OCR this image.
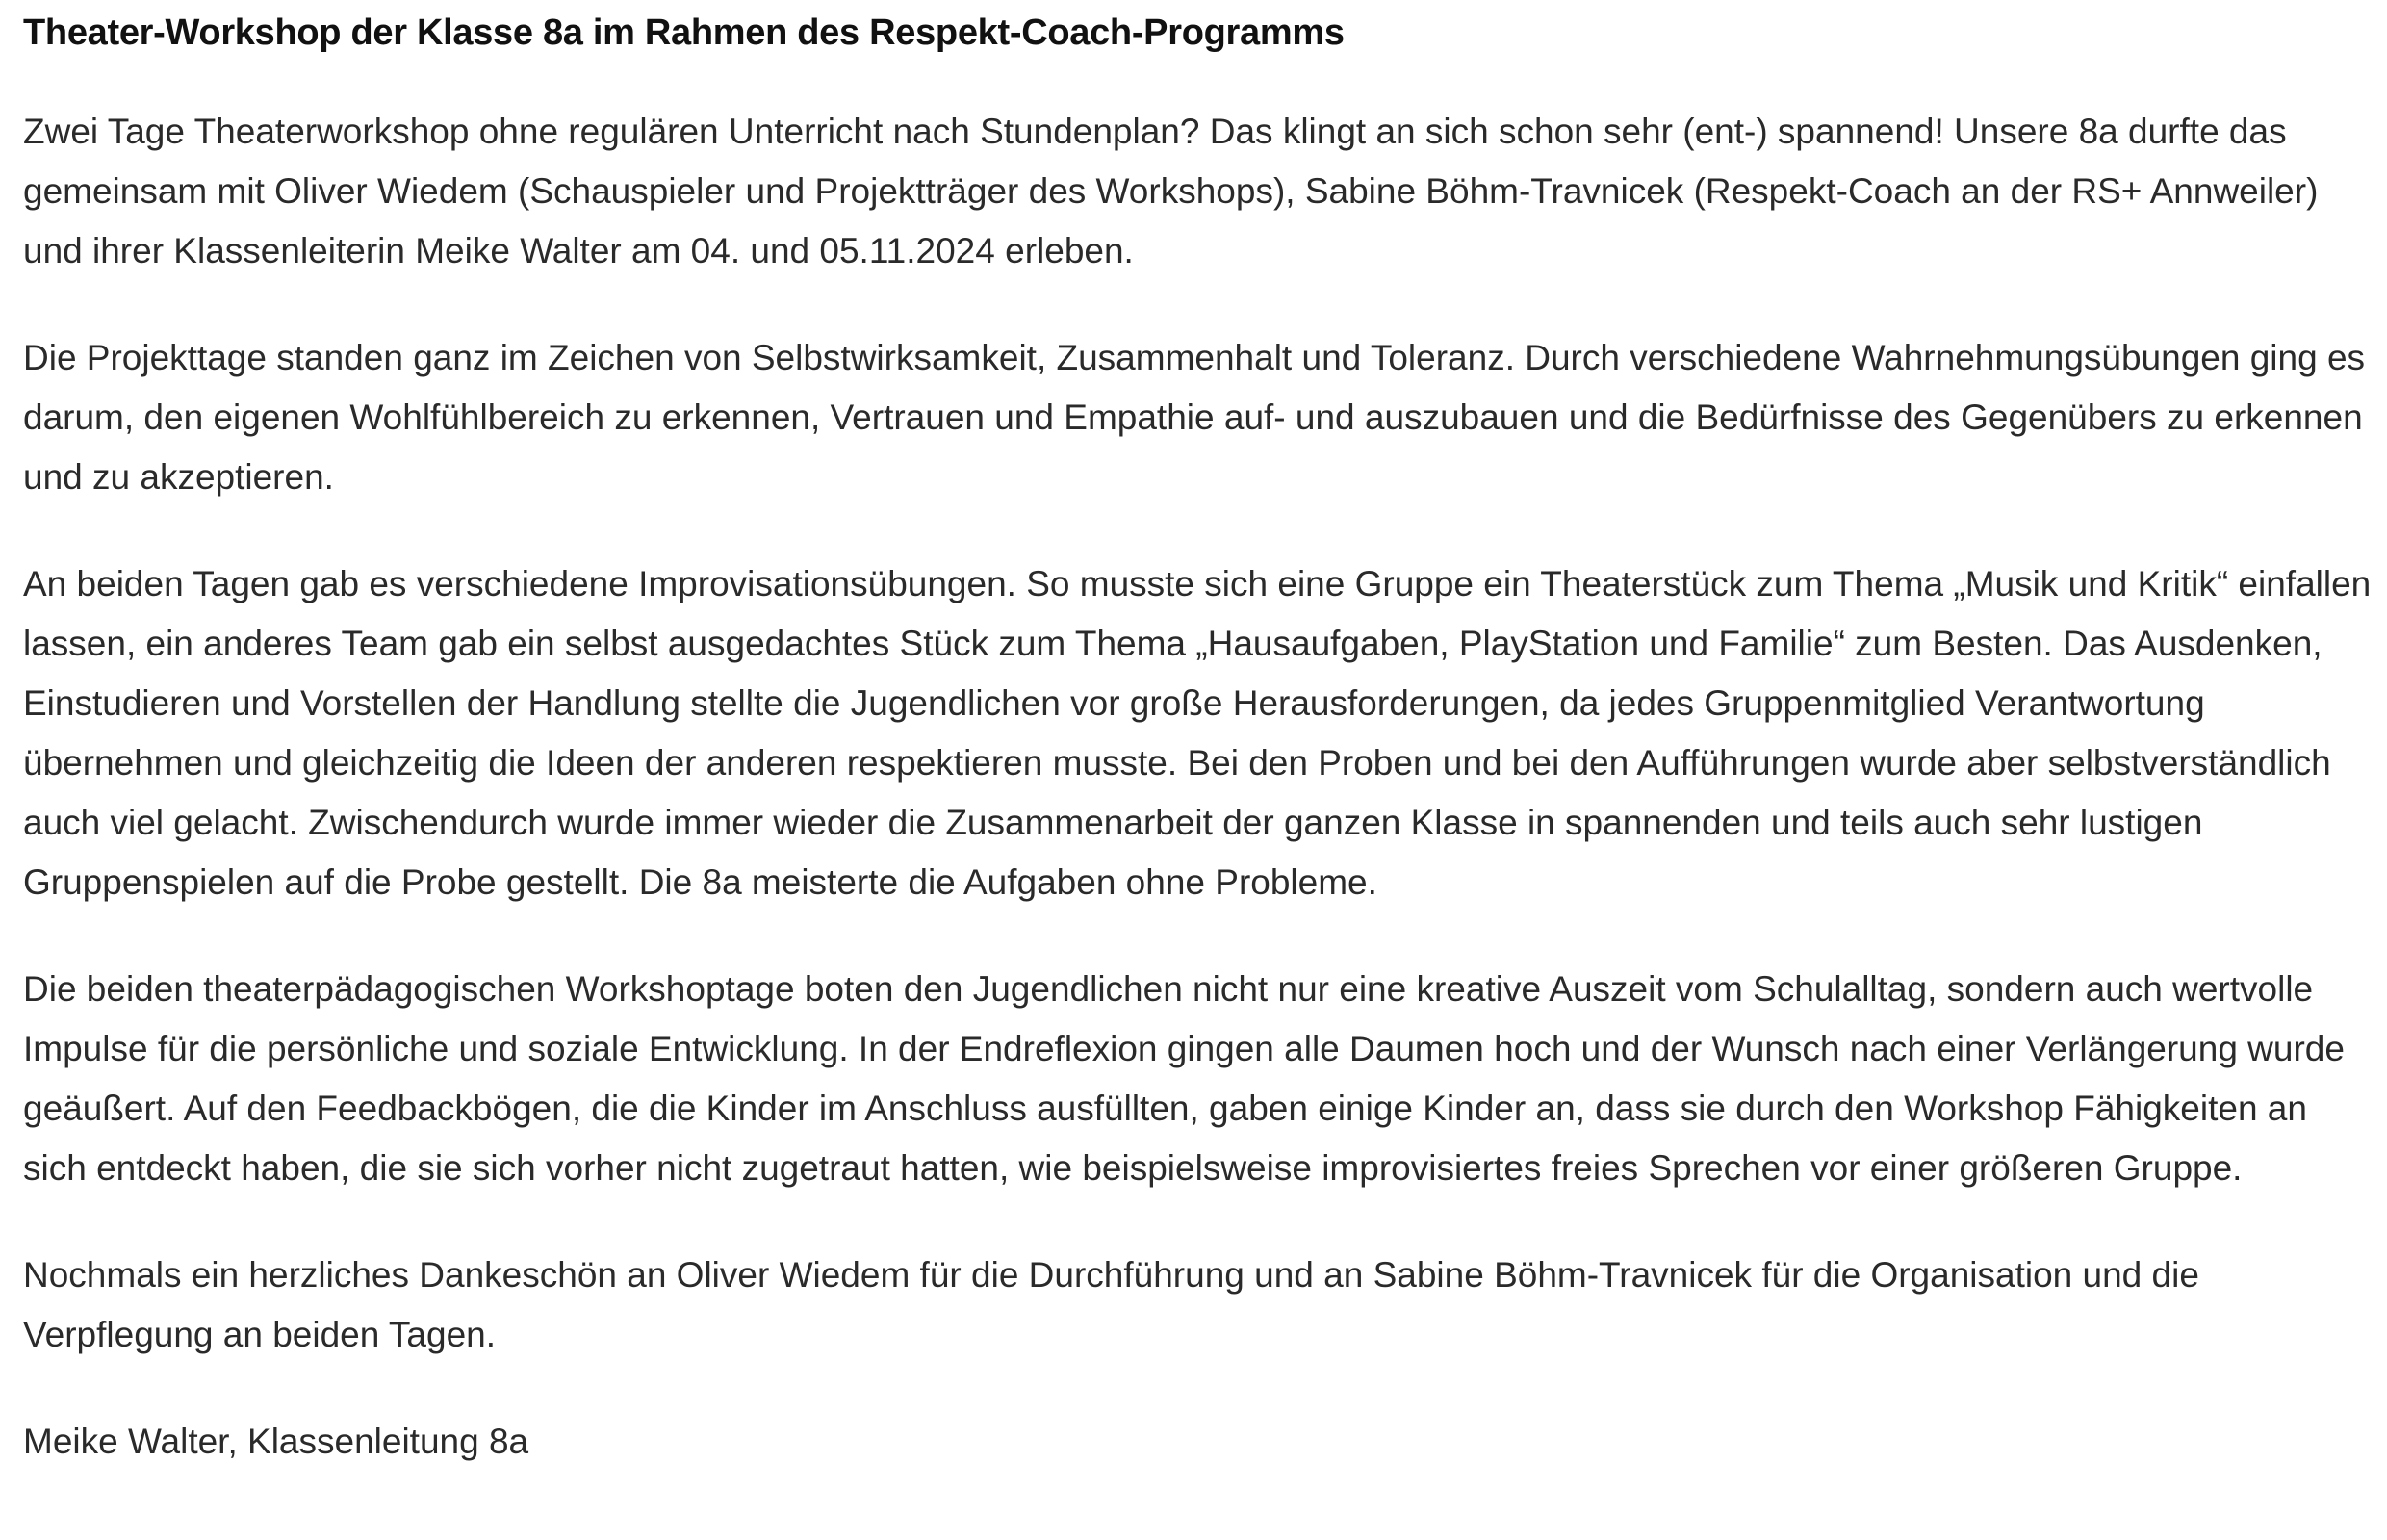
Theater-Workshop der Klasse 8a im Rahmen des Respekt-Coach-Programms

Zwei Tage Theaterworkshop ohne regulären Unterricht nach Stundenplan? Das klingt an sich schon sehr (ent-) spannend! Unsere 8a durfte das gemeinsam mit Oliver Wiedem (Schauspieler und Projektträger des Workshops), Sabine Böhm-Travnicek (Respekt-Coach an der RS+ Annweiler) und ihrer Klassenleiterin Meike Walter am 04. und 05.11.2024 erleben.

Die Projekttage standen ganz im Zeichen von Selbstwirksamkeit, Zusammenhalt und Toleranz. Durch verschiedene Wahrnehmungsübungen ging es darum, den eigenen Wohlfühlbereich zu erkennen, Vertrauen und Empathie auf- und auszubauen und die Bedürfnisse des Gegenübers zu erkennen und zu akzeptieren.

An beiden Tagen gab es verschiedene Improvisationsübungen. So musste sich eine Gruppe ein Theaterstück zum Thema „Musik und Kritik“ einfallen lassen, ein anderes Team gab ein selbst ausgedachtes Stück zum Thema „Hausaufgaben, PlayStation und Familie“ zum Besten. Das Ausdenken, Einstudieren und Vorstellen der Handlung stellte die Jugendlichen vor große Herausforderungen, da jedes Gruppenmitglied Verantwortung übernehmen und gleichzeitig die Ideen der anderen respektieren musste. Bei den Proben und bei den Aufführungen wurde aber selbstverständlich auch viel gelacht. Zwischendurch wurde immer wieder die Zusammenarbeit der ganzen Klasse in spannenden und teils auch sehr lustigen Gruppenspielen auf die Probe gestellt. Die 8a meisterte die Aufgaben ohne Probleme.

Die beiden theaterpädagogischen Workshoptage boten den Jugendlichen nicht nur eine kreative Auszeit vom Schulalltag, sondern auch wertvolle Impulse für die persönliche und soziale Entwicklung. In der Endreflexion gingen alle Daumen hoch und der Wunsch nach einer Verlängerung wurde geäußert. Auf den Feedbackbögen, die die Kinder im Anschluss ausfüllten, gaben einige Kinder an, dass sie durch den Workshop Fähigkeiten an sich entdeckt haben, die sie sich vorher nicht zugetraut hatten, wie beispielsweise improvisiertes freies Sprechen vor einer größeren Gruppe.

Nochmals ein herzliches Dankeschön an Oliver Wiedem für die Durchführung und an Sabine Böhm-Travnicek für die Organisation und die Verpflegung an beiden Tagen.

Meike Walter, Klassenleitung 8a
